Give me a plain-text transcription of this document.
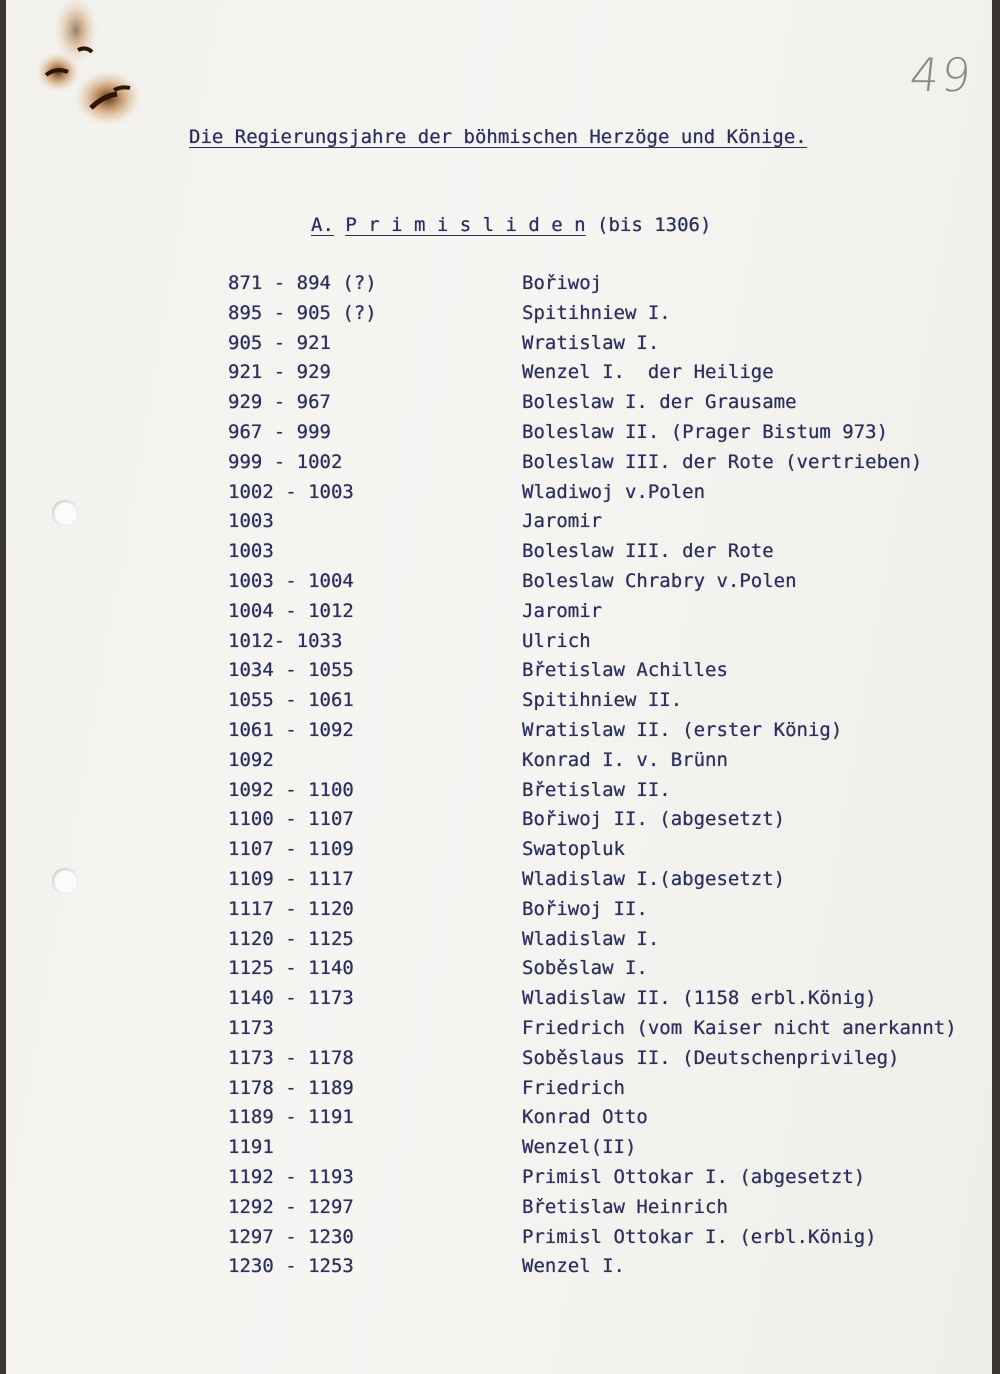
49
Die Regierungsjahre der böhmischen Herzöge und Könige.
A. P r i m i s l i d e n (bis 1306)
871 - 894 (?)	Bořiwoj
895 - 905 (?)	Spitihniew I.
905 - 921	Wratislaw I.
921 - 929	Wenzel I.  der Heilige
929 - 967	Boleslaw I. der Grausame
967 - 999	Boleslaw II. (Prager Bistum 973)
999 - 1002	Boleslaw III. der Rote (vertrieben)
1002 - 1003	Wladiwoj v.Polen
1003	Jaromir
1003	Boleslaw III. der Rote
1003 - 1004	Boleslaw Chrabry v.Polen
1004 - 1012	Jaromir
1012- 1033	Ulrich
1034 - 1055	Břetislaw Achilles
1055 - 1061	Spitihniew II.
1061 - 1092	Wratislaw II. (erster König)
1092	Konrad I. v. Brünn
1092 - 1100	Břetislaw II.
1100 - 1107	Bořiwoj II. (abgesetzt)
1107 - 1109	Swatopluk
1109 - 1117	Wladislaw I.(abgesetzt)
1117 - 1120	Bořiwoj II.
1120 - 1125	Wladislaw I.
1125 - 1140	Soběslaw I.
1140 - 1173	Wladislaw II. (1158 erbl.König)
1173	Friedrich (vom Kaiser nicht anerkannt)
1173 - 1178	Soběslaus II. (Deutschenprivileg)
1178 - 1189	Friedrich
1189 - 1191	Konrad Otto
1191	Wenzel(II)
1192 - 1193	Primisl Ottokar I. (abgesetzt)
1292 - 1297	Břetislaw Heinrich
1297 - 1230	Primisl Ottokar I. (erbl.König)
1230 - 1253	Wenzel I.
